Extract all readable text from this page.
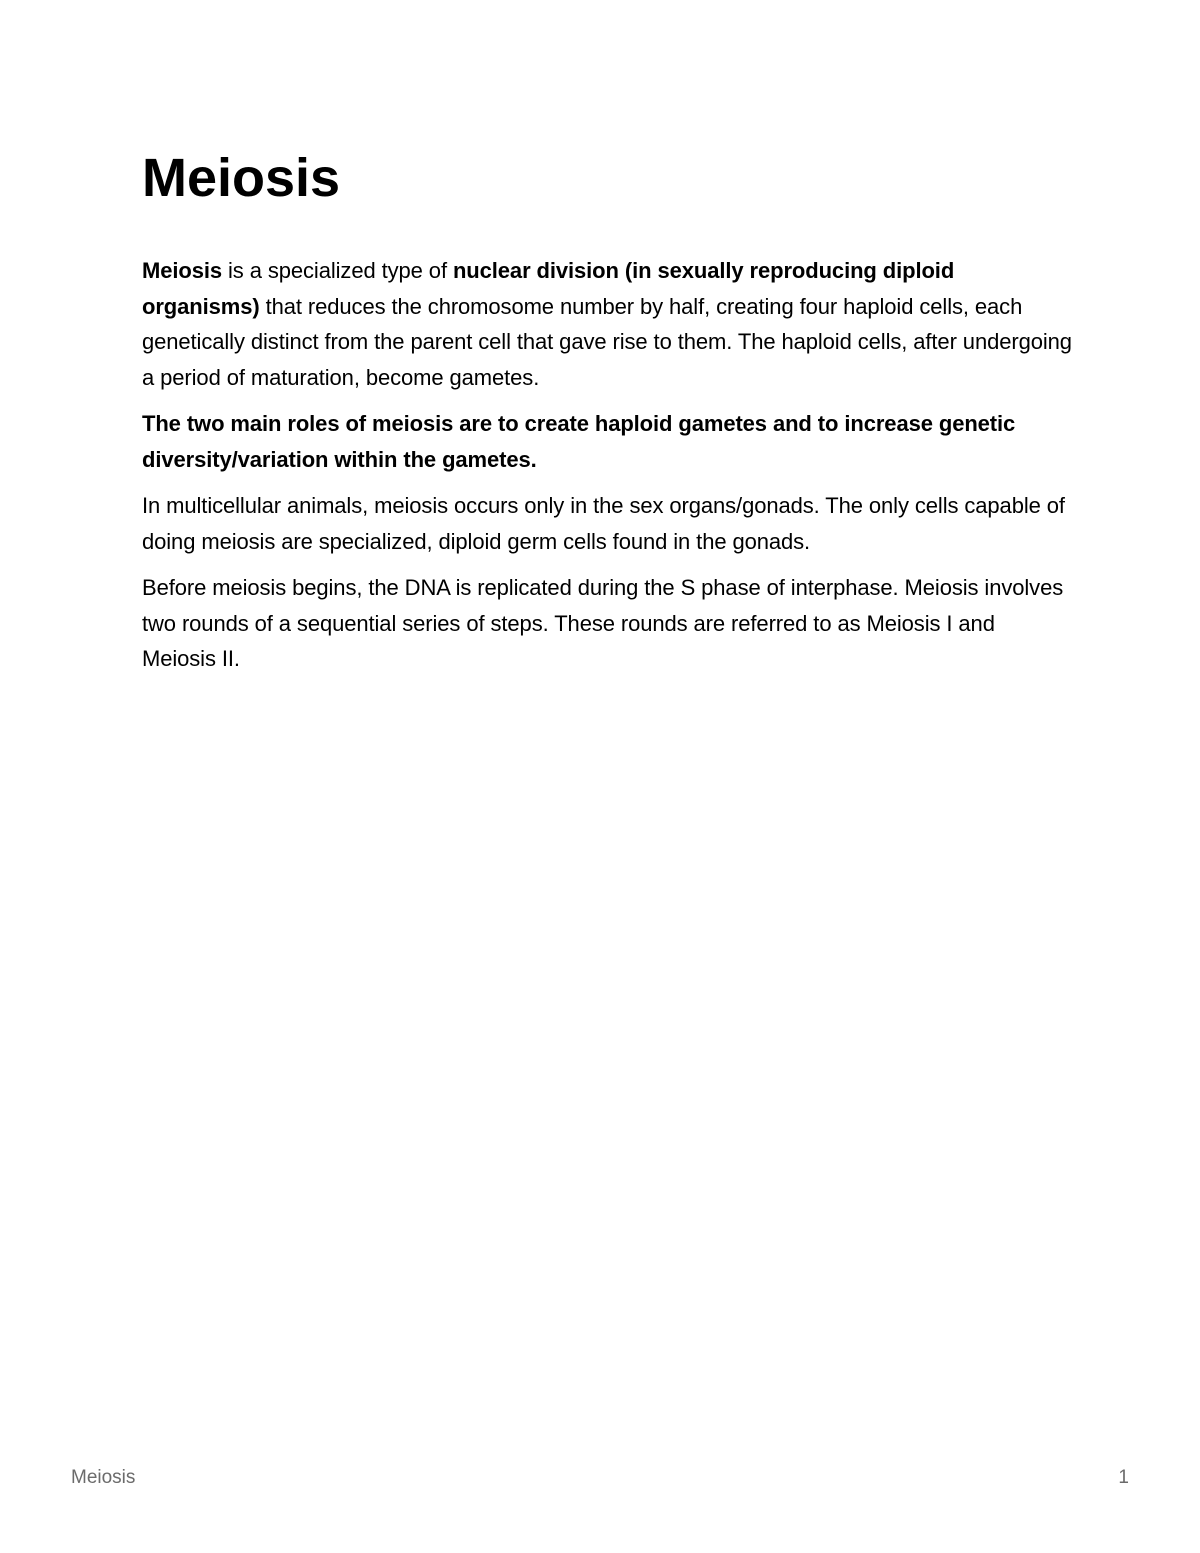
Meiosis

Meiosis is a specialized type of nuclear division (in sexually reproducing diploid organisms) that reduces the chromosome number by half, creating four haploid cells, each genetically distinct from the parent cell that gave rise to them. The haploid cells, after undergoing a period of maturation, become gametes.

The two main roles of meiosis are to create haploid gametes and to increase genetic diversity/variation within the gametes.

In multicellular animals, meiosis occurs only in the sex organs/gonads. The only cells capable of doing meiosis are specialized, diploid germ cells found in the gonads.

Before meiosis begins, the DNA is replicated during the S phase of interphase. Meiosis involves two rounds of a sequential series of steps. These rounds are referred to as Meiosis I and Meiosis II.

Meiosis	1
